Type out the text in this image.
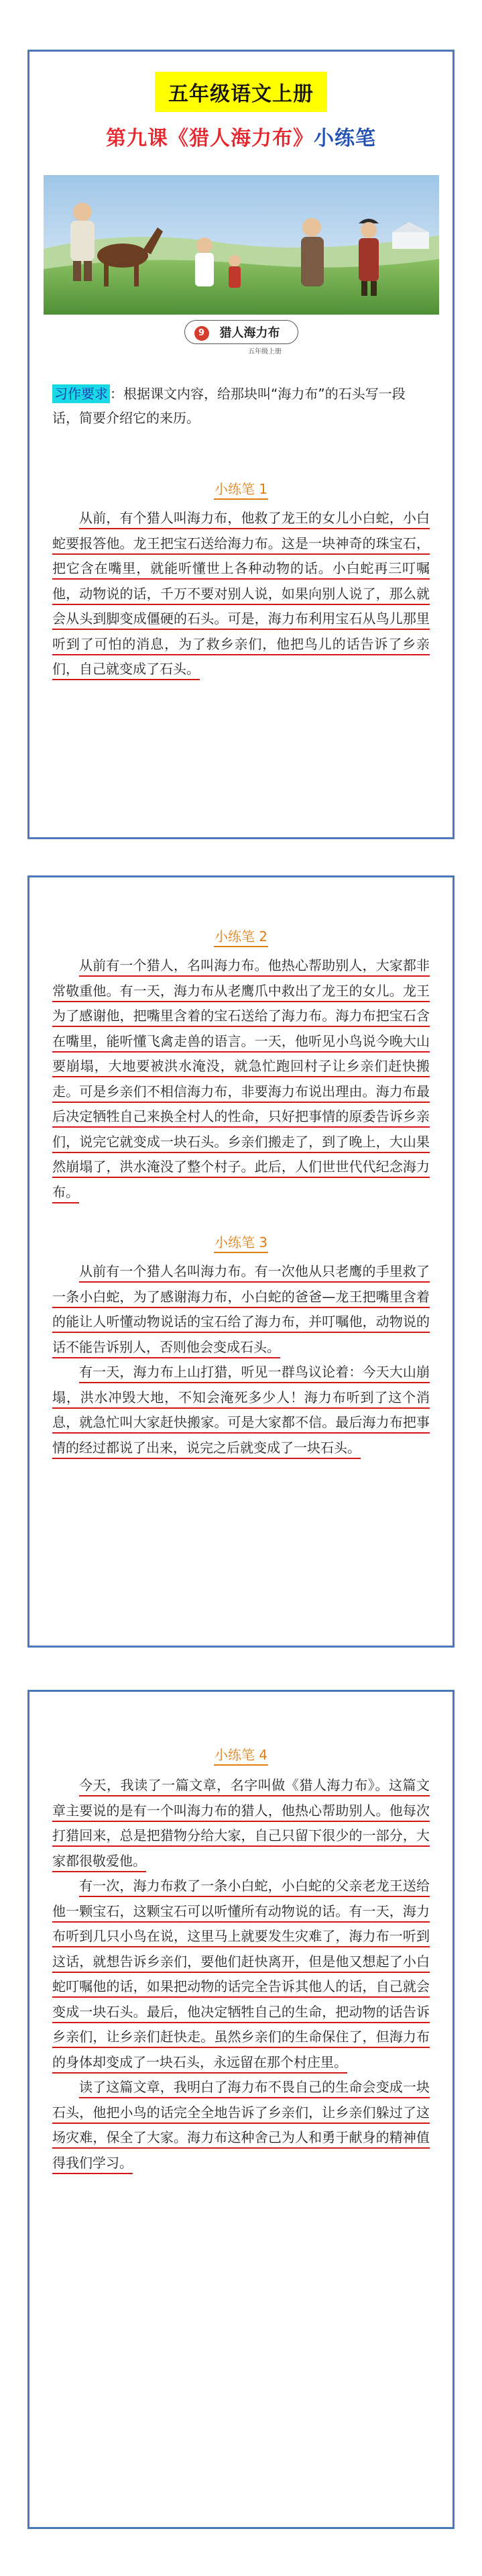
五年级语文上册
第九课《猎人海力布》小练笔
9 猎人海力布
五年级上册
习作要求 ：根据课文内容，给那块叫“海力布”的石头写一段话，简要介绍它的来历。
小练笔 1
从前，有个猎人叫海力布，他救了龙王的女儿小白蛇，小白蛇要报答他。龙王把宝石送给海力布。这是一块神奇的珠宝石，把它含在嘴里，就能听懂世上各种动物的话。小白蛇再三叮嘱他，动物说的话，千万不要对别人说，如果向别人说了，那么就会从头到脚变成僵硬的石头。可是，海力布利用宝石从鸟儿那里听到了可怕的消息，为了救乡亲们，他把鸟儿的话告诉了乡亲们，自己就变成了石头。
小练笔 2
从前有一个猎人，名叫海力布。他热心帮助别人，大家都非常敬重他。有一天，海力布从老鹰爪中救出了龙王的女儿。龙王为了感谢他，把嘴里含着的宝石送给了海力布。海力布把宝石含在嘴里，能听懂飞禽走兽的语言。一天，他听见小鸟说今晚大山要崩塌，大地要被洪水淹没，就急忙跑回村子让乡亲们赶快搬走。可是乡亲们不相信海力布，非要海力布说出理由。海力布最后决定牺牲自己来换全村人的性命，只好把事情的原委告诉乡亲们，说完它就变成一块石头。乡亲们搬走了，到了晚上，大山果然崩塌了，洪水淹没了整个村子。此后，人们世世代代纪念海力布。
小练笔 3
从前有一个猎人名叫海力布。有一次他从只老鹰的手里救了一条小白蛇，为了感谢海力布，小白蛇的爸爸—龙王把嘴里含着的能让人听懂动物说话的宝石给了海力布，并叮嘱他，动物说的话不能告诉别人，否则他会变成石头。
有一天，海力布上山打猎，听见一群鸟议论着：今天大山崩塌，洪水冲毁大地，不知会淹死多少人！海力布听到了这个消息，就急忙叫大家赶快搬家。可是大家都不信。最后海力布把事情的经过都说了出来，说完之后就变成了一块石头。
小练笔 4
今天，我读了一篇文章，名字叫做《猎人海力布》。这篇文章主要说的是有一个叫海力布的猎人，他热心帮助别人。他每次打猎回来，总是把猎物分给大家，自己只留下很少的一部分，大家都很敬爱他。
有一次，海力布救了一条小白蛇，小白蛇的父亲老龙王送给他一颗宝石，这颗宝石可以听懂所有动物说的话。有一天，海力布听到几只小鸟在说，这里马上就要发生灾难了，海力布一听到这话，就想告诉乡亲们，要他们赶快离开，但是他又想起了小白蛇叮嘱他的话，如果把动物的话完全告诉其他人的话，自己就会变成一块石头。最后，他决定牺牲自己的生命，把动物的话告诉乡亲们，让乡亲们赶快走。虽然乡亲们的生命保住了，但海力布的身体却变成了一块石头，永远留在那个村庄里。
读了这篇文章，我明白了海力布不畏自己的生命会变成一块石头，他把小鸟的话完全全地告诉了乡亲们，让乡亲们躲过了这场灾难，保全了大家。海力布这种舍己为人和勇于献身的精神值得我们学习。
